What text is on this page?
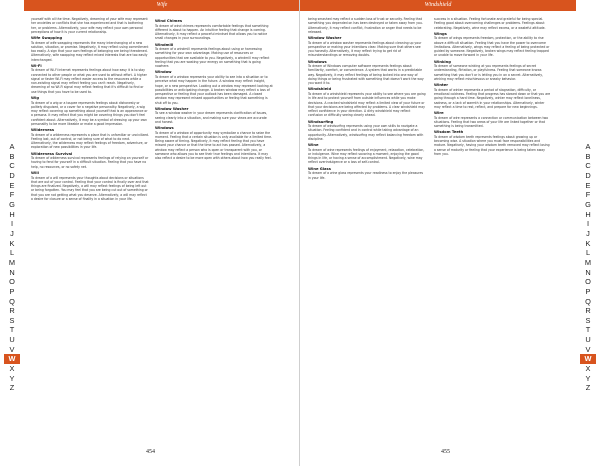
Wife
A
B
C
D
E
F
G
H
I
J
K
L
M
N
O
P
Q
R
S
T
U
V
W
X
Y
Z

yourself with all the time. Negatively, dreaming of your wife may represent her anxieties or conflicts that she has experienced and that is bothering her, or problems. Alternatively, your wife may reflect your own personal perceptions of how it is your current relationship.

Wife Swapping

To dream of wife swapping represents the many interchanging of a new solution, situation, or promise. Negatively, it may reflect using commitment too easily. A sign that your own feelings of belonging are being threatened. Alternatively, wife swapping may reflect mixed interests that are too easily interchanged.

Wi-Fi

To dream of Wi-Fi internet represents feelings about how easy it is to stay connected to other people or what you are used to without effort. A higher signal or faster Wi-Fi may reflect easier access to the resources while a non-existing signal may reflect feeling you can't reach. Negatively, dreaming of no Wi-Fi signal may reflect feeling that it's difficult to find or use things that you have to be used to.

Wig

To dream of a wig or a toupee represents feelings about dishonesty or politely disguised, or a cover for a negative personality. Negatively, a wig may reflect covering up something about yourself that is an appearance or a persona. It may reflect that you might be covering things you don't feel confident about. Alternatively, it may be a symbol of dressing up your own personality to be more likeable or make a good impression.

Wilderness

To dream of a wilderness represents a place that is unfamiliar or uncivilized. Feeling lost, out of control, or not being sure of what to do next. Alternatively, the wilderness may reflect feelings of freedom, adventure, or exploration of new possibilities in your life.

Wilderness Survival

To dream of wilderness survival represents feelings of relying on yourself or having to fend for yourself in a difficult situation. Feeling that you have no help, no resources, or no safety net.

Will

To dream of a will represents your thoughts about decisions or situations that are out of your control. Feeling that your control is finally over and that things are finalized. Negatively, a will may reflect feelings of being left out or being forgotten. You may feel that you are being cut out of something or that you are not getting what you deserve. Alternatively, a will may reflect a desire for closure or a sense of finality in a situation in your life.

Wind Chimes

To dream of wind chimes represents comfortable feelings that something different is about to happen. An intuitive feeling that change is coming. Alternatively, it may reflect a peaceful mindset that allows you to notice small changes in your surroundings.

Windmill

To dream of a windmill represents feelings about using or harnessing something for your own advantage. Making use of resources or opportunities that are available to you. Negatively, a windmill may reflect feeling that you are wasting your energy on something that is going nowhere.

Window

To dream of a window represents your ability to see into a situation or to perceive what may happen in the future. A window may reflect insight, hope, or a new perspective. Looking out a window may represent looking at possibilities or anticipating change. A broken window may reflect a loss of perspective or feeling that your outlook has been damaged. A closed window may represent missed opportunities or feeling that something is shut off to you.

Window Washer

To see a window washer in your dream represents clarification of issues, seeing clearly into a situation, and making sure your views are accurate and honest.

Windows

To dream of a window of opportunity may symbolize a chance to seize the moment. Feeling that a certain situation is only available for a limited time. Being aware of timing. Negatively, it may reflect feeling that you have missed your chance or that the time to act has passed. Alternatively, a window may reflect a person who is open or transparent with you, or someone who allows you to see their true feelings and intentions. It may also reflect a desire to be more open with others about how you really feel.

454
Windshield
A
B
C
D
E
F
G
H
I
J
K
L
M
N
O
P
Q
R
S
T
U
V
W
X
Y
Z

being smashed may reflect a sudden loss of trust or security. Feeling that something you depended on has been destroyed or taken away from you. Alternatively, it may reflect conflict, frustration or anger that needs to be released.

Window Washer

To dream of a window washer represents feelings about cleaning up your perspective or making your intentions clear. Making sure that others see you honestly. Alternatively, it may reflect trying to get rid of misunderstandings or removing doubts.

Windows

To dream of Windows computer software represents feelings about familiarity, comfort, or convenience. A system that works in a predictable way. Negatively, it may reflect feelings of being locked into one way of doing things or being frustrated with something that doesn't work the way you want it to.

Windshield

To dream of a windshield represents your ability to see where you are going in life and to protect yourself from outside influences while you make decisions. A cracked windshield may reflect a limited view of your future or that your decisions are being affected by problems. A clear windshield may reflect confidence in your direction. A dirty windshield may reflect confusion or difficulty seeing clearly ahead.

Windsurfing

To dream of windsurfing represents using your own skills to navigate a situation. Feeling confident and in control while taking advantage of an opportunity. Alternatively, windsurfing may reflect balancing freedom with discipline.

Wine

To dream of wine represents feelings of enjoyment, relaxation, celebration, or indulgence. Wine may reflect savoring a moment, enjoying the good things in life, or having a sense of accomplishment. Negatively, wine may reflect overindulgence or a loss of self-control.

Wine Glass

To dream of a wine glass represents your readiness to enjoy the pleasures in your life.

success in a situation. Feeling fortunate and grateful for being special. Feeling good about overcoming challenges or problems. Feelings about celebrating. Negatively, wine may reflect excess, or a wasteful attitude.

Wings

To dream of wings represents freedom, protection, or the ability to rise above a difficult situation. Feeling that you have the power to overcome limitations. Alternatively, wings may reflect a feeling of being protected or guided by someone. Negatively, broken wings may reflect feeling trapped or unable to move forward in your life.

Winking

To dream of someone winking at you represents feelings of secret understanding, flirtation, or playfulness. Feeling that someone knows something that you don't or is letting you in on a secret. Alternatively, winking may reflect mischievous or sneaky behavior.

Winter

To dream of winter represents a period of stagnation, difficulty, or emotional coldness. Feeling that progress has slowed down or that you are going through a hard time. Negatively, winter may reflect loneliness, sadness, or a lack of warmth in your relationships. Alternatively, winter may reflect a time to rest, reflect, and prepare for new beginnings.

Wire

To dream of wire represents a connection or communication between two situations. Feeling that two areas of your life are linked together or that something is being transmitted.

Wisdom Teeth

To dream of wisdom teeth represents feelings about growing up or becoming wise. A situation where you must face responsibilities and mature. Negatively, having your wisdom teeth removed may reflect losing a sense of maturity or feeling that your experience is being taken away from you.

455
